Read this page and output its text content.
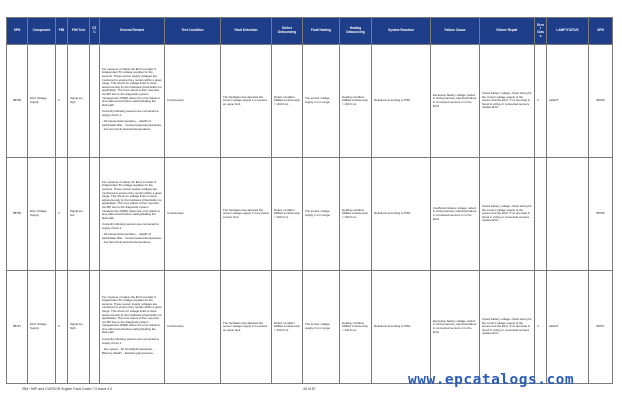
SPN	Component	FMI	FMI Text	DTC	General Remark	Test Condition	Fault Detection	Defect Debouncing	Fault Healing	Healing Debouncing	System Reaction	Failure Cause	Failure Repair	Error Class	LAMP STATUS	SPN
88795	ECU Voltage Supply	3	Signal too high		For measure of safety the ECU provides 3 independent 5V voltage supplies for the sensors. These sensor supply voltages are monitored to ensure they remain within a given range. This check for voltage limits is done autonomously by the hardware (thresholds not applicable). The error status is then reported via SPI bus to the diagnostic system management (DSM) where the error status is time debounced before setting/healing the fault path.

Currently following sensors are connected to supply circuit 1:

- Oil pressure/temperature, - detail?-of particulate/ filter, - boost pressure/temperature, - low fuel circuit pressure/temperature.	Continuously	The hardware has detected the sensor voltage supply 1 to exceed an upper limit.	Defect condition fulfilled continuously > 100.0 ms	The sensor voltage supply 1 is in range	Healing condition fulfilled continuously > 100.0 ms	Reactions according to PIDs	Excessive battery voltage; defect in wiring harness; electrical failure in connected sensors or in the ECU.	Check battery voltage; check wiring for the correct voltage supply of the sensor and the ECU. If no anomaly is found in wiring or connected sensors replace ECU.	3	ALERT	88795
88795	ECU Voltage Supply	4	Signal too low		For measure of safety the ECU provides 3 independent 5V voltage supplies for the sensors. These sensor supply voltages are monitored to ensure they remain within a given range. This check for voltage limits is done autonomously by the hardware (thresholds not applicable). The error status is then reported via SPI bus to the diagnostic system management (DSM) where the error status is time debounced before setting/healing the fault path.

Currently following sensors are connected to supply circuit 1:

- Oil pressure/temperature, - detail?-of particulate/ filter, - boost pressure/temperature, - low fuel circuit pressure/temperature.	Continuously	The hardware has detected the sensor voltage supply 1 to be below a lower limit.	Defect condition fulfilled continuously > 100.0 ms	The sensor voltage supply 1 is in range	Healing condition fulfilled continuously > 100.0 ms	Reactions according to PIDs	Insufficient battery voltage; defect in wiring harness; electrical failure in connected sensors or in the ECU.	Check battery voltage; check wiring for the correct voltage supply of the sensor and the ECU. If no anomaly is found in wiring or connected sensors replace ECU.			88795
88797	ECU Voltage Supply	3	Signal too high		For measure of safety the ECU provides 3 independent 5V voltage supplies for the sensors. These sensor supply voltages are monitored to ensure they remain within a given range. This check for voltage limits is done autonomously by the hardware (thresholds not applicable). The error status is then reported via SPI bus to the diagnostic system management (DSM) where the error status is time debounced before setting/healing the fault path.

Currently following sensors are connected to supply circuit 1:

- Fan speed, - Air humidity/temperature, - Blow-by detail?, - Exhaust gas pressure.	Continuously	The hardware has detected the sensor voltage supply 2 to exceed an upper limit.	Defect condition fulfilled continuously > 100.0 ms	The sensor voltage supply 2 is in range	Healing condition fulfilled continuously > 100.0 ms	Reactions according to PIDs	Excessive battery voltage; defect in wiring harness; electrical failure in connected sensors or in the ECU.	Check battery voltage; check wiring for the correct voltage supply of the sensor and the ECU. If no anomaly is found in wiring or connected sensors replace ECU.	3	ALERT	88797
ISM / MIP and CURSOR Engine Fault Codes T4 Issue 4.0	40 of 87
www.epcatalogs.com
